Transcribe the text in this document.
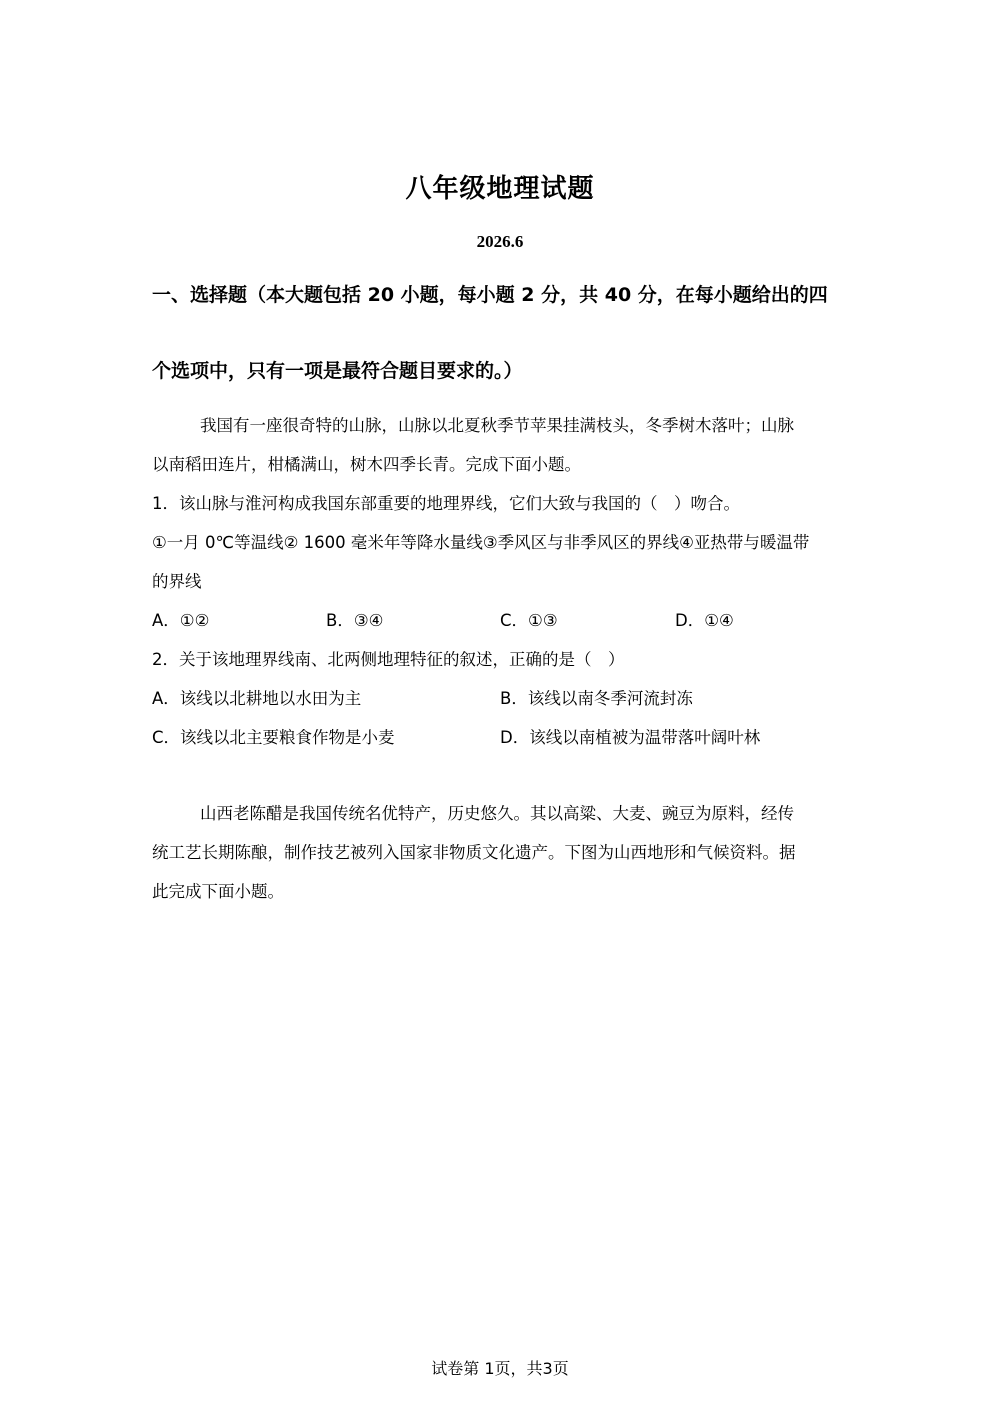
八年级地理试题
2026.6
一、选择题（本大题包括 20 小题，每小题 2 分，共 40 分，在每小题给出的四
个选项中，只有一项是最符合题目要求的。）
我国有一座很奇特的山脉，山脉以北夏秋季节苹果挂满枝头，冬季树木落叶；山脉
以南稻田连片，柑橘满山，树木四季长青。完成下面小题。
1．该山脉与淮河构成我国东部重要的地理界线，它们大致与我国的（　）吻合。
①一月 0℃等温线② 1600 毫米年等降水量线③季风区与非季风区的界线④亚热带与暖温带
的界线
A．①②	B．③④	C．①③	D．①④
2．关于该地理界线南、北两侧地理特征的叙述，正确的是（　）
A．该线以北耕地以水田为主	B．该线以南冬季河流封冻
C．该线以北主要粮食作物是小麦	D．该线以南植被为温带落叶阔叶林
山西老陈醋是我国传统名优特产，历史悠久。其以高粱、大麦、豌豆为原料，经传
统工艺长期陈酿，制作技艺被列入国家非物质文化遗产。下图为山西地形和气候资料。据
此完成下面小题。
试卷第 1页，共3页
